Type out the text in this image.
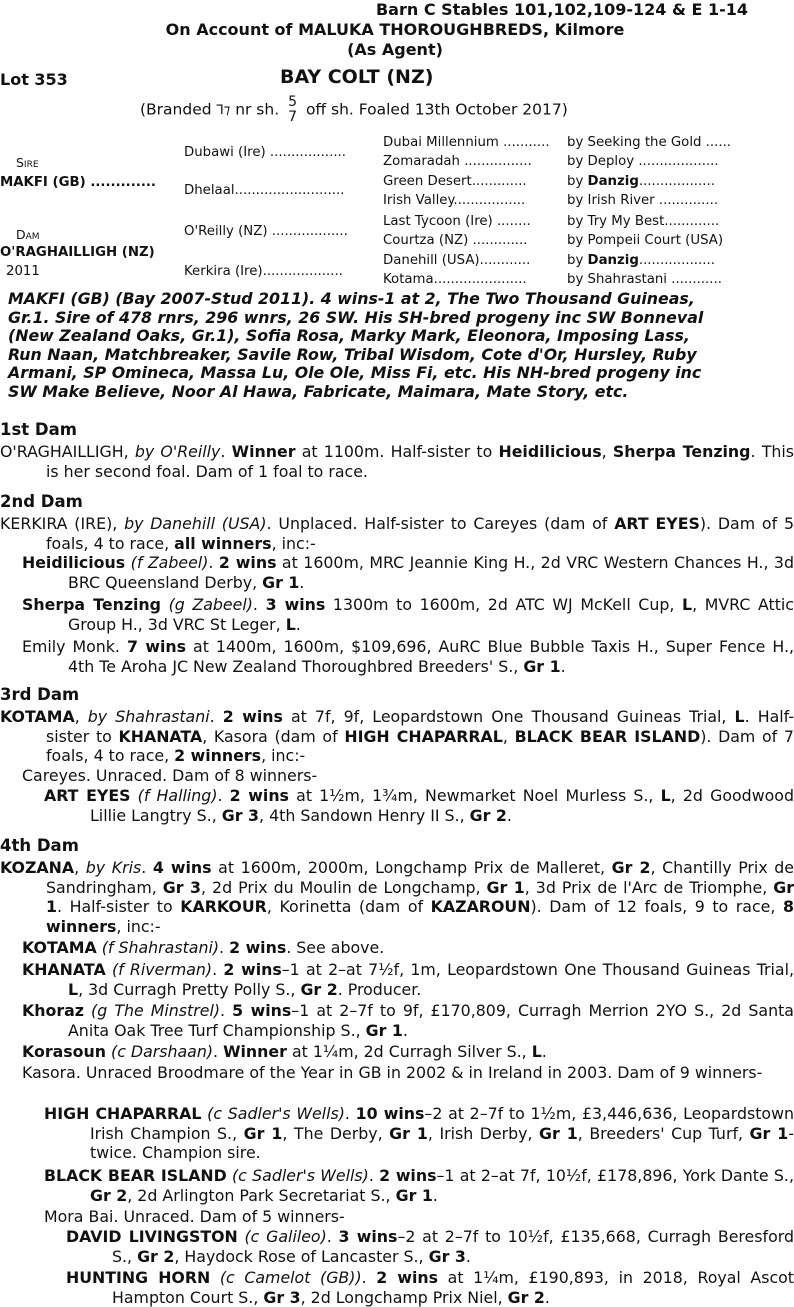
Barn C Stables 101,102,109-124 & E 1-14
On Account of MALUKA THOROUGHBREDS, Kilmore
(As Agent)
Lot 353	BAY COLT (NZ)
(Branded ⅂⁊ nr sh. 5
7 off sh. Foaled 13th October 2017)
Sire
MAKFI (GB) .............
Dam
O'RAGHAILLIGH (NZ)
2011
Dubawi (Ire) ..................
Dhelaal..........................
O'Reilly (NZ) ..................
Kerkira (Ire)...................
Dubai Millennium ...........
Zomaradah ................
Green Desert.............
Irish Valley.................
Last Tycoon (Ire) ........
Courtza (NZ) .............
Danehill (USA)............
Kotama......................
by Seeking the Gold ......
by Deploy ...................
by Danzig..................
by Irish River ..............
by Try My Best.............
by Pompeii Court (USA)
by Danzig..................
by Shahrastani ............
MAKFI (GB) (Bay 2007-Stud 2011). 4 wins-1 at 2, The Two Thousand Guineas,
Gr.1. Sire of 478 rnrs, 296 wnrs, 26 SW. His SH-bred progeny inc SW Bonneval
(New Zealand Oaks, Gr.1), Sofia Rosa, Marky Mark, Eleonora, Imposing Lass,
Run Naan, Matchbreaker, Savile Row, Tribal Wisdom, Cote d'Or, Hursley, Ruby
Armani, SP Omineca, Massa Lu, Ole Ole, Miss Fi, etc. His NH-bred progeny inc
SW Make Believe, Noor Al Hawa, Fabricate, Maimara, Mate Story, etc.
1st Dam
O'RAGHAILLIGH, by O'Reilly. Winner at 1100m. Half-sister to Heidilicious, Sherpa Tenzing. This is her second foal. Dam of 1 foal to race.
2nd Dam
KERKIRA (IRE), by Danehill (USA). Unplaced. Half-sister to Careyes (dam of ART EYES). Dam of 5 foals, 4 to race, all winners, inc:-
Heidilicious (f Zabeel). 2 wins at 1600m, MRC Jeannie King H., 2d VRC Western Chances H., 3d BRC Queensland Derby, Gr 1.
Sherpa Tenzing (g Zabeel). 3 wins 1300m to 1600m, 2d ATC WJ McKell Cup, L, MVRC Attic Group H., 3d VRC St Leger, L.
Emily Monk. 7 wins at 1400m, 1600m, $109,696, AuRC Blue Bubble Taxis H., Super Fence H., 4th Te Aroha JC New Zealand Thoroughbred Breeders' S., Gr 1.
3rd Dam
KOTAMA, by Shahrastani. 2 wins at 7f, 9f, Leopardstown One Thousand Guineas Trial, L. Half-sister to KHANATA, Kasora (dam of HIGH CHAPARRAL, BLACK BEAR ISLAND). Dam of 7 foals, 4 to race, 2 winners, inc:-
Careyes. Unraced. Dam of 8 winners-
ART EYES (f Halling). 2 wins at 1½m, 1¾m, Newmarket Noel Murless S., L, 2d Goodwood Lillie Langtry S., Gr 3, 4th Sandown Henry II S., Gr 2.
4th Dam
KOZANA, by Kris. 4 wins at 1600m, 2000m, Longchamp Prix de Malleret, Gr 2, Chantilly Prix de Sandringham, Gr 3, 2d Prix du Moulin de Longchamp, Gr 1, 3d Prix de l'Arc de Triomphe, Gr 1. Half-sister to KARKOUR, Korinetta (dam of KAZAROUN). Dam of 12 foals, 9 to race, 8 winners, inc:-
KOTAMA (f Shahrastani). 2 wins. See above.
KHANATA (f Riverman). 2 wins–1 at 2–at 7½f, 1m, Leopardstown One Thousand Guineas Trial, L, 3d Curragh Pretty Polly S., Gr 2. Producer.
Khoraz (g The Minstrel). 5 wins–1 at 2–7f to 9f, £170,809, Curragh Merrion 2YO S., 2d Santa Anita Oak Tree Turf Championship S., Gr 1.
Korasoun (c Darshaan). Winner at 1¼m, 2d Curragh Silver S., L.
Kasora. Unraced Broodmare of the Year in GB in 2002 & in Ireland in 2003. Dam of 9 winners-
HIGH CHAPARRAL (c Sadler's Wells). 10 wins–2 at 2–7f to 1½m, £3,446,636, Leopardstown Irish Champion S., Gr 1, The Derby, Gr 1, Irish Derby, Gr 1, Breeders' Cup Turf, Gr 1-twice. Champion sire.
BLACK BEAR ISLAND (c Sadler's Wells). 2 wins–1 at 2–at 7f, 10½f, £178,896, York Dante S., Gr 2, 2d Arlington Park Secretariat S., Gr 1.
Mora Bai. Unraced. Dam of 5 winners-
DAVID LIVINGSTON (c Galileo). 3 wins–2 at 2–7f to 10½f, £135,668, Curragh Beresford S., Gr 2, Haydock Rose of Lancaster S., Gr 3.
HUNTING HORN (c Camelot (GB)). 2 wins at 1¼m, £190,893, in 2018, Royal Ascot Hampton Court S., Gr 3, 2d Longchamp Prix Niel, Gr 2.
